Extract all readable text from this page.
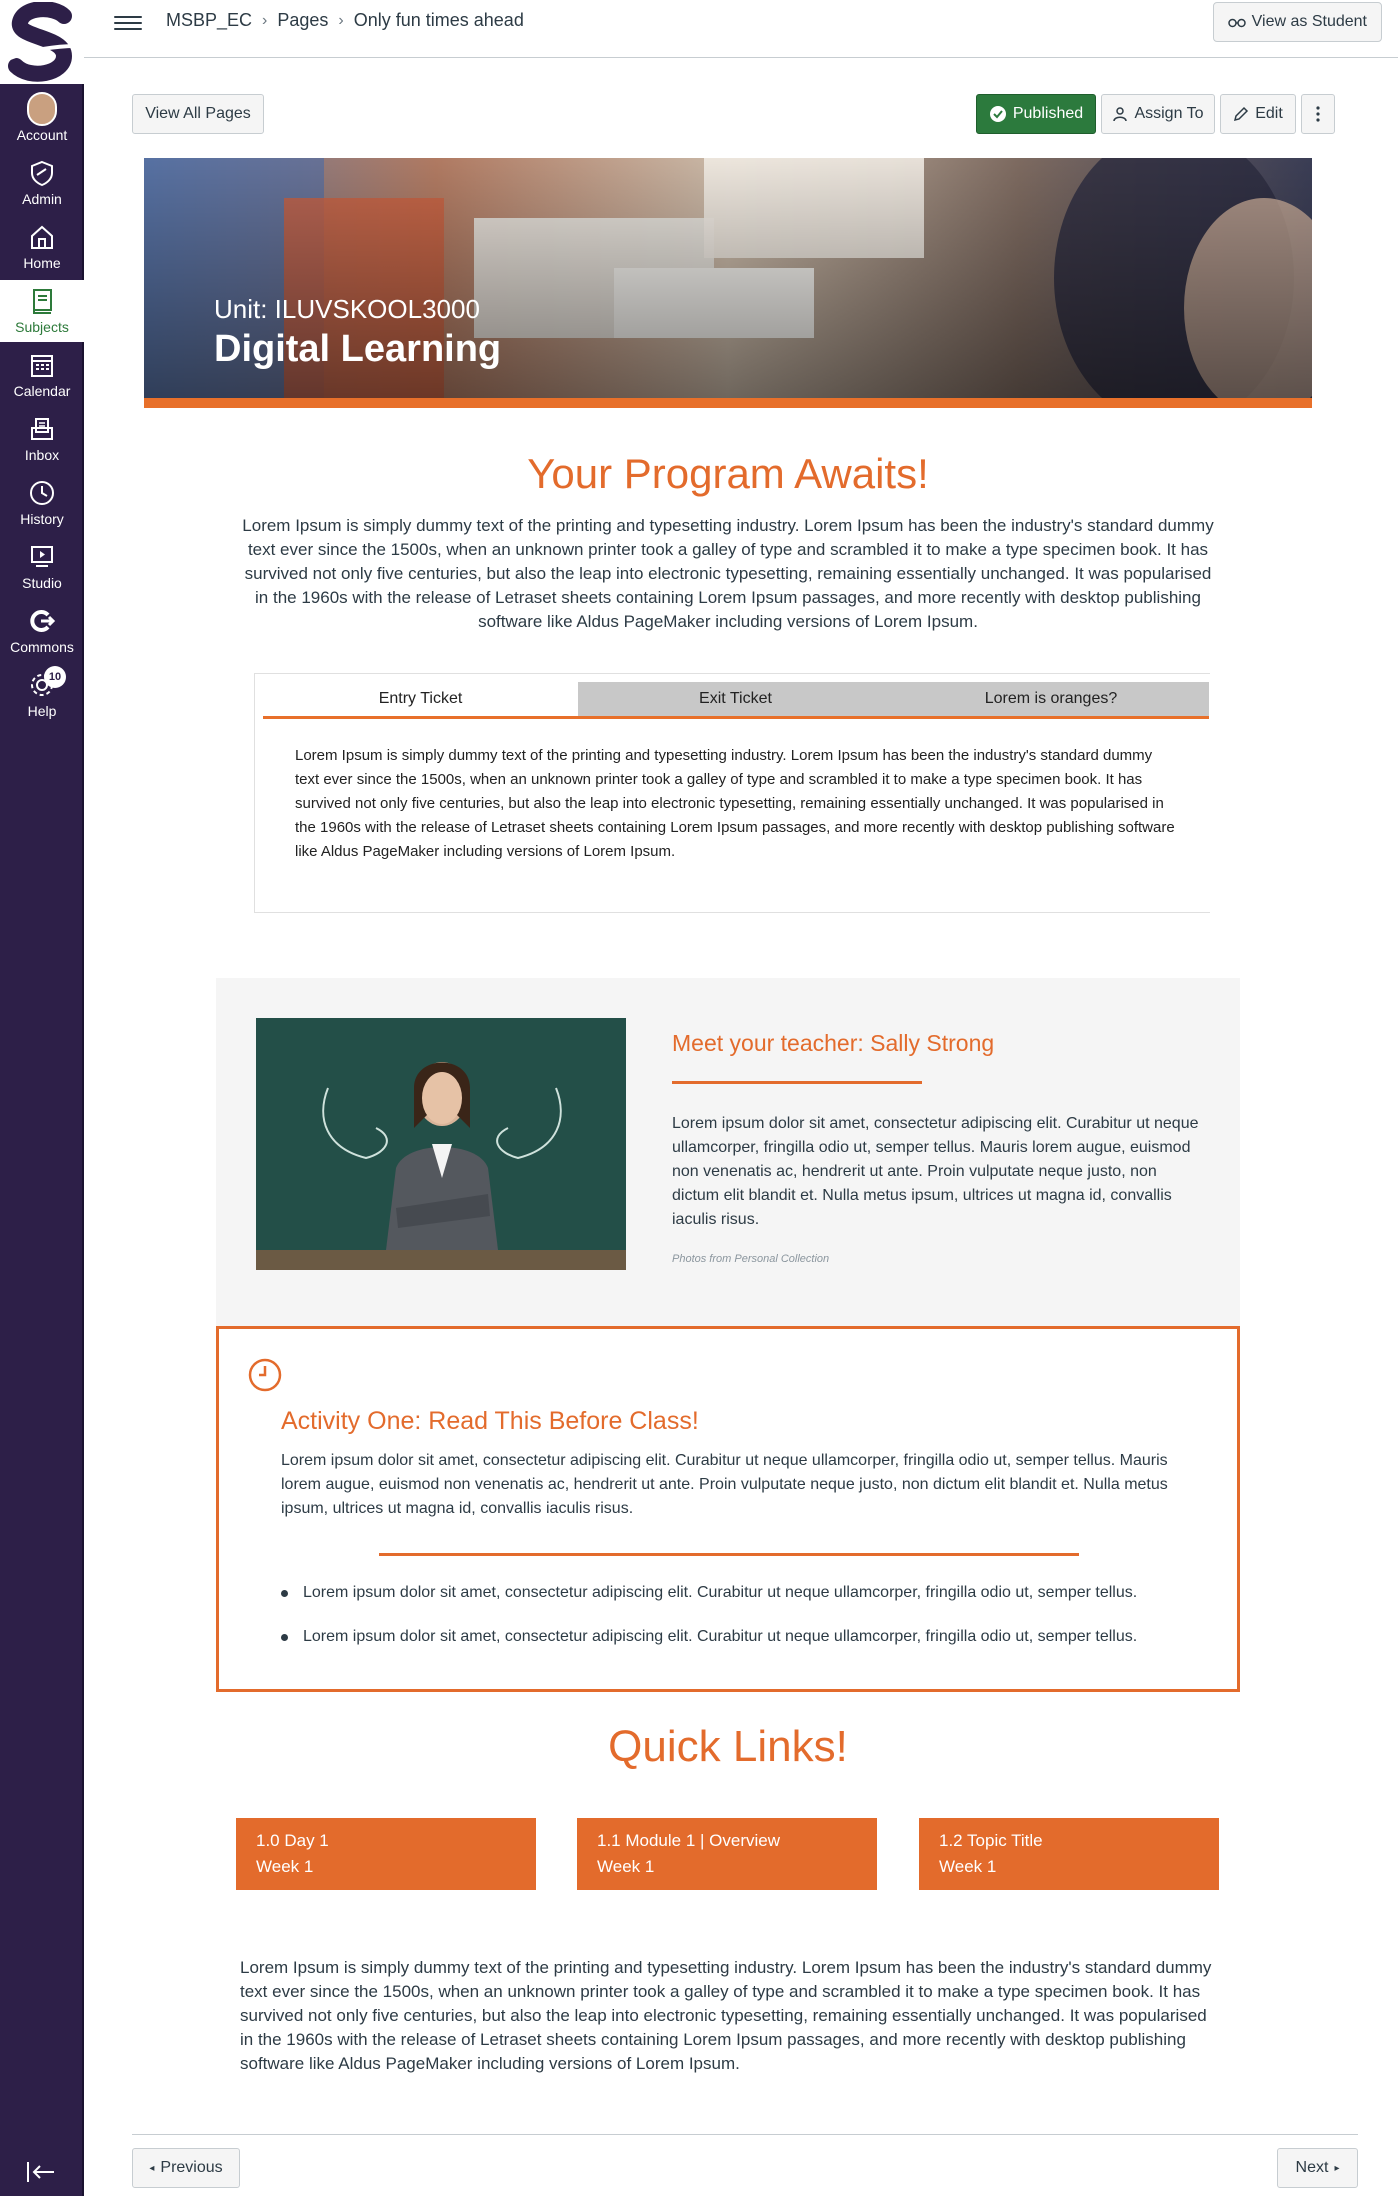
Account
Admin
Home
Subjects
Calendar
Inbox
History
Studio
Commons
10
Help
MSBP_EC › Pages › Only fun times ahead	View as Student
View All Pages	Published	Assign To	Edit
Unit: ILUVSKOOL3000
Digital Learning
Your Program Awaits!

Lorem Ipsum is simply dummy text of the printing and typesetting industry. Lorem Ipsum has been the industry's standard dummy text ever since the 1500s, when an unknown printer took a galley of type and scrambled it to make a type specimen book. It has survived not only five centuries, but also the leap into electronic typesetting, remaining essentially unchanged. It was popularised in the 1960s with the release of Letraset sheets containing Lorem Ipsum passages, and more recently with desktop publishing software like Aldus PageMaker including versions of Lorem Ipsum.

Entry Ticket	Exit Ticket	Lorem is oranges?

Lorem Ipsum is simply dummy text of the printing and typesetting industry. Lorem Ipsum has been the industry's standard dummy text ever since the 1500s, when an unknown printer took a galley of type and scrambled it to make a type specimen book. It has survived not only five centuries, but also the leap into electronic typesetting, remaining essentially unchanged. It was popularised in the 1960s with the release of Letraset sheets containing Lorem Ipsum passages, and more recently with desktop publishing software like Aldus PageMaker including versions of Lorem Ipsum.

Meet your teacher: Sally Strong

Lorem ipsum dolor sit amet, consectetur adipiscing elit. Curabitur ut neque ullamcorper, fringilla odio ut, semper tellus. Mauris lorem augue, euismod non venenatis ac, hendrerit ut ante. Proin vulputate neque justo, non dictum elit blandit et. Nulla metus ipsum, ultrices ut magna id, convallis iaculis risus.

Photos from Personal Collection

Activity One: Read This Before Class!

Lorem ipsum dolor sit amet, consectetur adipiscing elit. Curabitur ut neque ullamcorper, fringilla odio ut, semper tellus. Mauris lorem augue, euismod non venenatis ac, hendrerit ut ante. Proin vulputate neque justo, non dictum elit blandit et. Nulla metus ipsum, ultrices ut magna id, convallis iaculis risus.

Lorem ipsum dolor sit amet, consectetur adipiscing elit. Curabitur ut neque ullamcorper, fringilla odio ut, semper tellus.
Lorem ipsum dolor sit amet, consectetur adipiscing elit. Curabitur ut neque ullamcorper, fringilla odio ut, semper tellus.
Quick Links!
1.0 Day 1
Week 1
1.1 Module 1 | Overview
Week 1
1.2 Topic Title
Week 1

Lorem Ipsum is simply dummy text of the printing and typesetting industry. Lorem Ipsum has been the industry's standard dummy text ever since the 1500s, when an unknown printer took a galley of type and scrambled it to make a type specimen book. It has survived not only five centuries, but also the leap into electronic typesetting, remaining essentially unchanged. It was popularised in the 1960s with the release of Letraset sheets containing Lorem Ipsum passages, and more recently with desktop publishing software like Aldus PageMaker including versions of Lorem Ipsum.

◂ Previous	Next ▸
